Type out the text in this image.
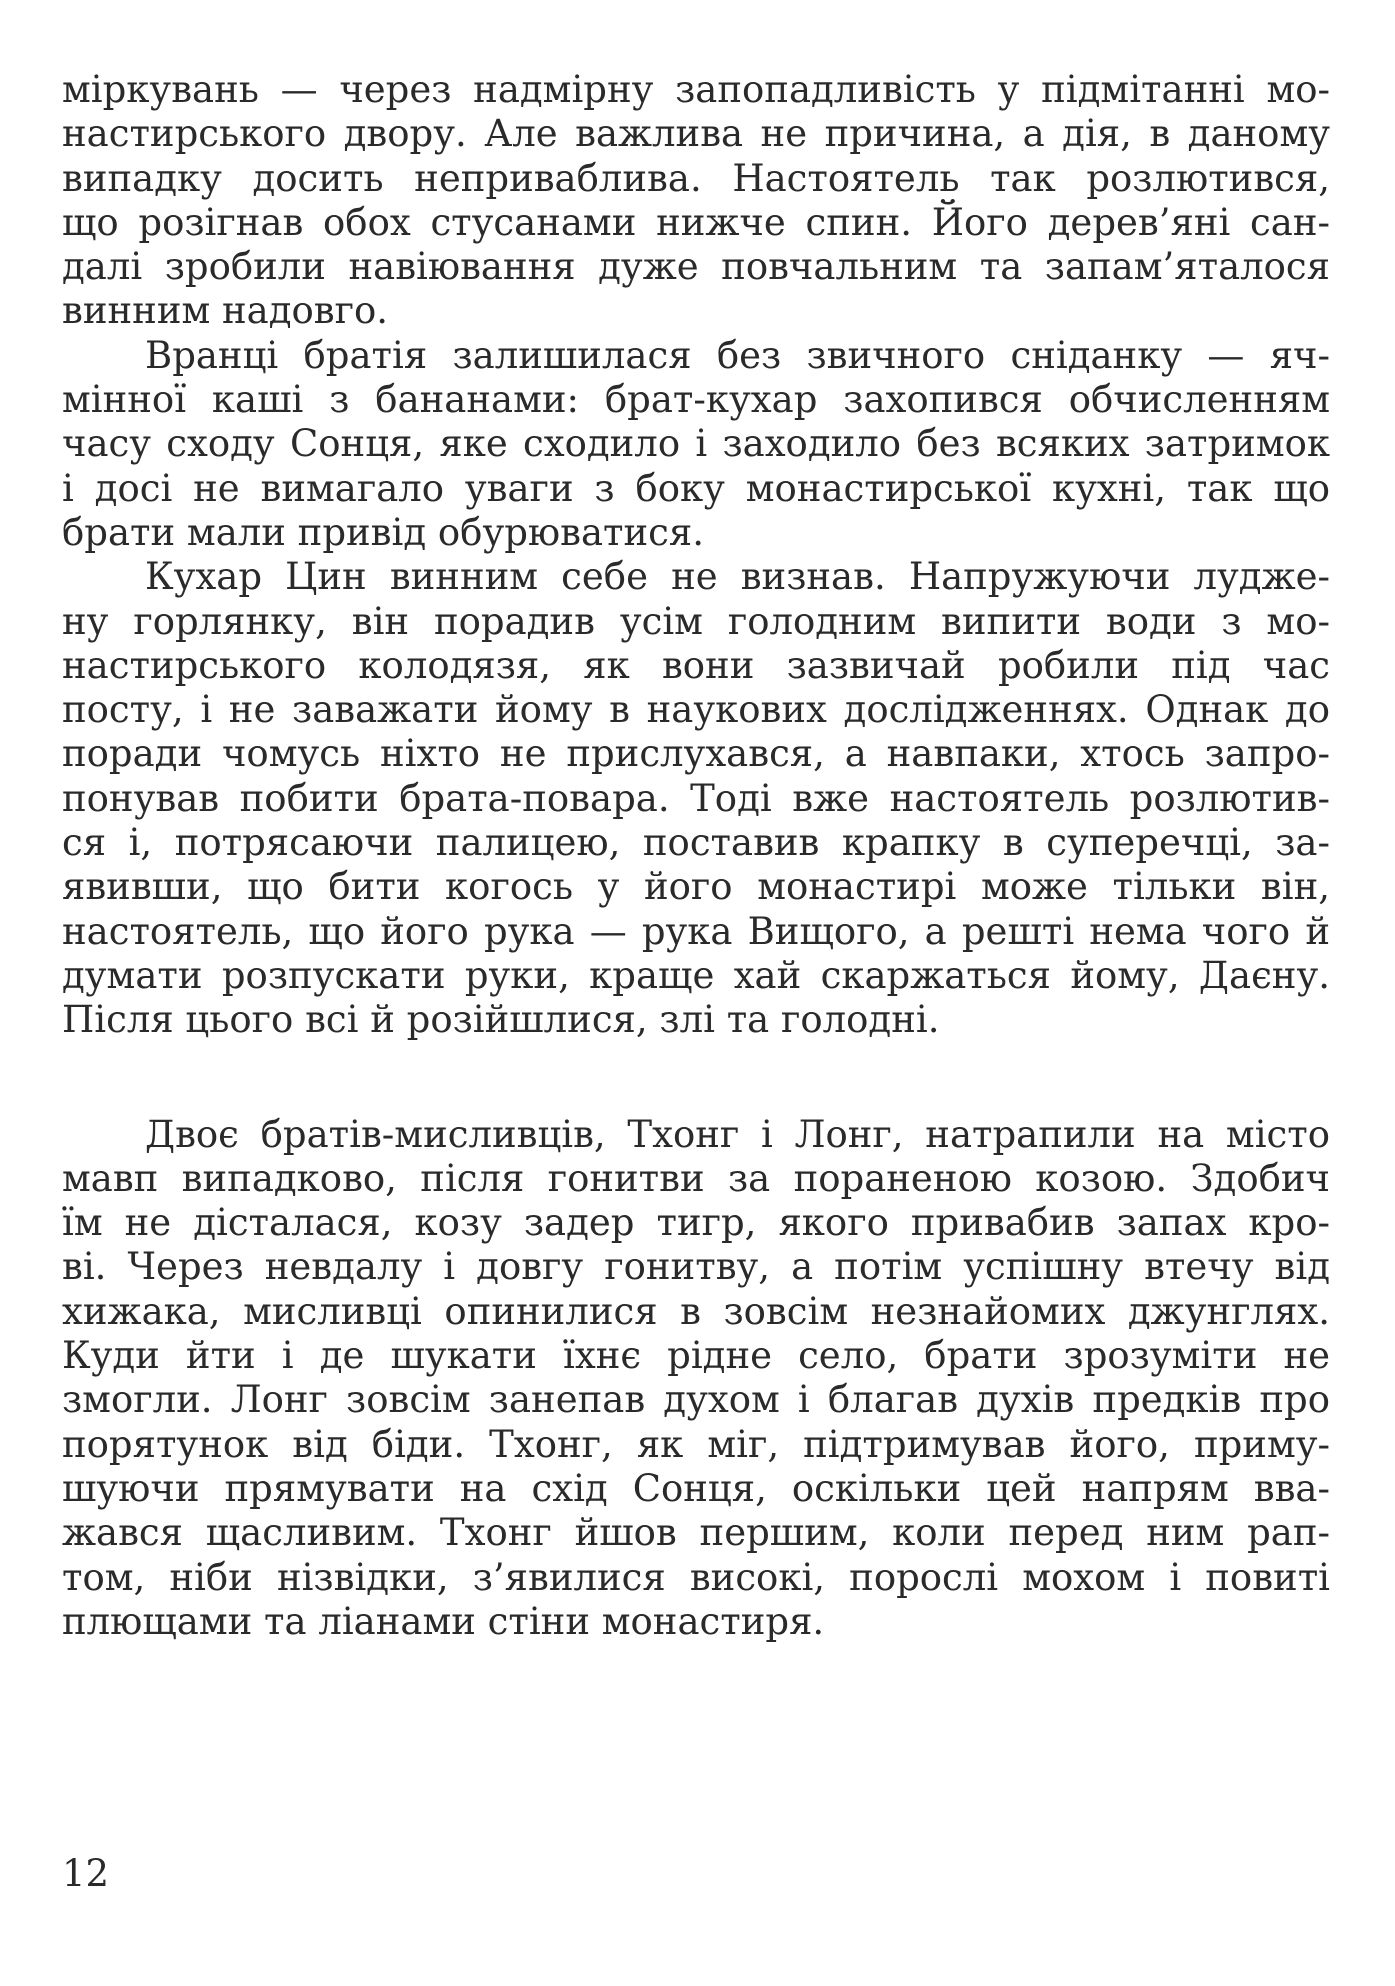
міркувань — через надмірну запопадливість у підмітанні мо-
настирського двору. Але важлива не причина, а дія, в даному
випадку досить непривабливa. Настоятель так розлютився,
що розігнав обох стусанами нижче спин. Його дерев’яні сан-
далі зробили навіювання дуже повчальним та запам’яталося
винним надовго.
Вранці братія залишилася без звичного сніданку — яч-
мінної каші з бананами: брат-кухар захопився обчисленням
часу сходу Сонця, яке сходило і заходило без всяких затримок
і досі не вимагало уваги з боку монастирської кухні, так що
брати мали привід обурюватися.
Кухар Цин винним себе не визнав. Напружуючи луджe-
ну горлянку, він порадив усім голодним випити води з мо-
настирського колодязя, як вони зазвичай робили під час
посту, і не заважати йому в наукових дослідженнях. Однак до
поради чомусь ніхто не прислухався, а навпаки, хтось запро-
понував побити брата-повара. Тоді вже настоятель розлютив-
ся і, потрясаючи палицею, поставив крапку в суперечці, за-
явивши, що бити когось у його монастирі може тільки він,
настоятель, що його рука — рука Вищого, а решті нема чого й
думати розпускати руки, краще хай скаржаться йому, Даєну.
Після цього всі й розійшлися, злі та голодні.
Двоє братів-мисливців, Тхонг і Лонг, натрапили на місто
мавп випадково, після гонитви за пораненою козою. Здобич
їм не дісталася, козу задер тигр, якого привабив запах кро-
ві. Через невдалу і довгу гонитву, а потім успішну втечу від
хижака, мисливці опинилися в зовсім незнайомих джунглях.
Куди йти і де шукати їхнє рідне село, брати зрозуміти не
змогли. Лонг зовсім занепав духом і благав духів предків про
порятунок від біди. Тхонг, як міг, підтримував його, приму-
шуючи прямувати на схід Сонця, оскільки цей напрям вва-
жався щасливим. Тхонг йшов першим, коли перед ним рап-
том, ніби нізвідки, з’явилися високі, порослі мохом і повиті
плющами та ліанами стіни монастиря.
12
